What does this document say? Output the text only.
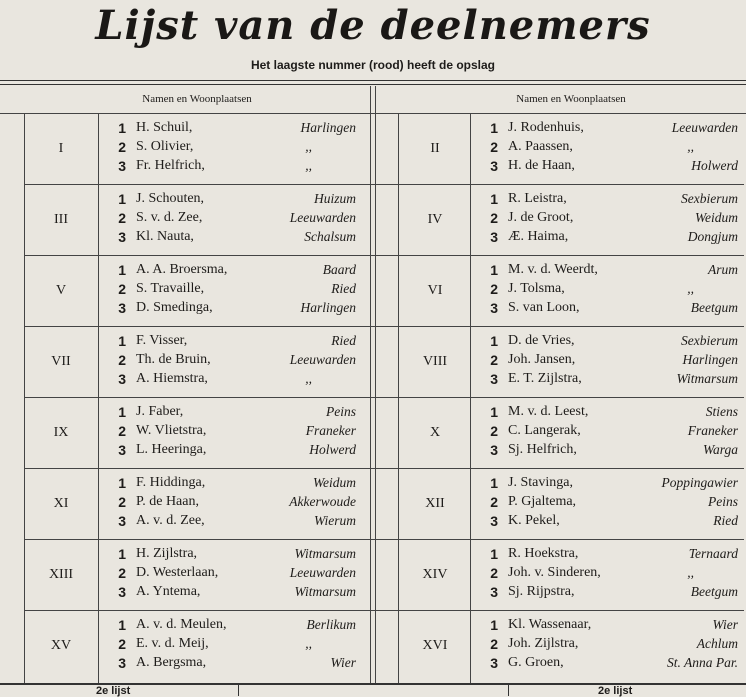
Lijst van de deelnemers
Het laagste nummer (rood) heeft de opslag
Namen en Woonplaatsen	Namen en Woonplaatsen
I
1 H. Schuil,	Harlingen
2 S. Olivier,	,,
3 Fr. Helfrich,	,,
II
1 J. Rodenhuis,	Leeuwarden
2 A. Paassen,	,,
3 H. de Haan,	Holwerd
III
1 J. Schouten,	Huizum
2 S. v. d. Zee,	Leeuwarden
3 Kl. Nauta,	Schalsum
IV
1 R. Leistra,	Sexbierum
2 J. de Groot,	Weidum
3 Æ. Haima,	Dongjum
V
1 A. A. Broersma,	Baard
2 S. Travaille,	Ried
3 D. Smedinga,	Harlingen
VI
1 M. v. d. Weerdt,	Arum
2 J. Tolsma,	,,
3 S. van Loon,	Beetgum
VII
1 F. Visser,	Ried
2 Th. de Bruin,	Leeuwarden
3 A. Hiemstra,	,,
VIII
1 D. de Vries,	Sexbierum
2 Joh. Jansen,	Harlingen
3 E. T. Zijlstra,	Witmarsum
IX
1 J. Faber,	Peins
2 W. Vlietstra,	Franeker
3 L. Heeringa,	Holwerd
X
1 M. v. d. Leest,	Stiens
2 C. Langerak,	Franeker
3 Sj. Helfrich,	Warga
XI
1 F. Hiddinga,	Weidum
2 P. de Haan,	Akkerwoude
3 A. v. d. Zee,	Wierum
XII
1 J. Stavinga,	Poppingawier
2 P. Gjaltema,	Peins
3 K. Pekel,	Ried
XIII
1 H. Zijlstra,	Witmarsum
2 D. Westerlaan,	Leeuwarden
3 A. Yntema,	Witmarsum
XIV
1 R. Hoekstra,	Ternaard
2 Joh. v. Sinderen,	,,
3 Sj. Rijpstra,	Beetgum
XV
1 A. v. d. Meulen,	Berlikum
2 E. v. d. Meij,	,,
3 A. Bergsma,	Wier
XVI
1 Kl. Wassenaar,	Wier
2 Joh. Zijlstra,	Achlum
3 G. Groen,	St. Anna Par.
2e lijst	2e lijst
